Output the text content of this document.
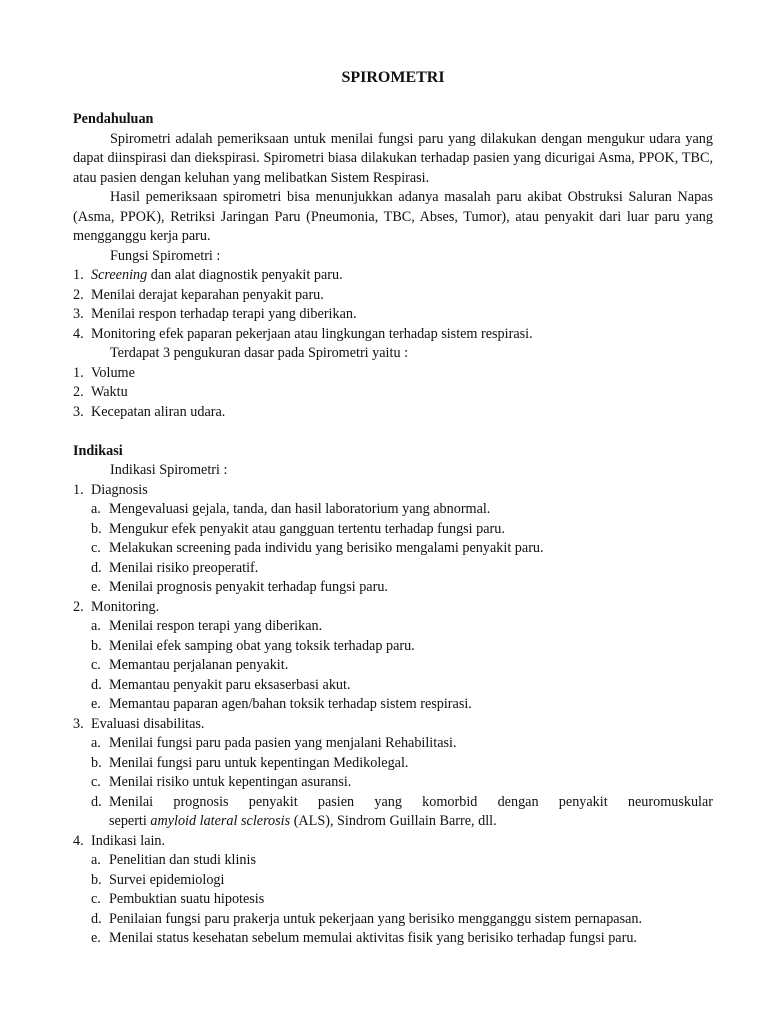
SPIROMETRI
Pendahuluan

Spirometri adalah pemeriksaan untuk menilai fungsi paru yang dilakukan dengan mengukur udara yang dapat diinspirasi dan diekspirasi. Spirometri biasa dilakukan terhadap pasien yang dicurigai Asma, PPOK, TBC, atau pasien dengan keluhan yang melibatkan Sistem Respirasi.

Hasil pemeriksaan spirometri bisa menunjukkan adanya masalah paru akibat Obstruksi Saluran Napas (Asma, PPOK), Retriksi Jaringan Paru (Pneumonia, TBC, Abses, Tumor), atau penyakit dari luar paru yang mengganggu kerja paru.

Fungsi Spirometri :

1. Screening dan alat diagnostik penyakit paru.
2. Menilai derajat keparahan penyakit paru.
3. Menilai respon terhadap terapi yang diberikan.
4. Monitoring efek paparan pekerjaan atau lingkungan terhadap sistem respirasi.

Terdapat 3 pengukuran dasar pada Spirometri yaitu :

1. Volume
2. Waktu
3. Kecepatan aliran udara.
Indikasi

Indikasi Spirometri :

1. Diagnosis
a. Mengevaluasi gejala, tanda, dan hasil laboratorium yang abnormal.
b. Mengukur efek penyakit atau gangguan tertentu terhadap fungsi paru.
c. Melakukan screening pada individu yang berisiko mengalami penyakit paru.
d. Menilai risiko preoperatif.
e. Menilai prognosis penyakit terhadap fungsi paru.
2. Monitoring.
a. Menilai respon terapi yang diberikan.
b. Menilai efek samping obat yang toksik terhadap paru.
c. Memantau perjalanan penyakit.
d. Memantau penyakit paru eksaserbasi akut.
e. Memantau paparan agen/bahan toksik terhadap sistem respirasi.
3. Evaluasi disabilitas.
a. Menilai fungsi paru pada pasien yang menjalani Rehabilitasi.
b. Menilai fungsi paru untuk kepentingan Medikolegal.
c. Menilai risiko untuk kepentingan asuransi.
d. Menilai prognosis penyakit pasien yang komorbid dengan penyakit neuromuskular
seperti amyloid lateral sclerosis (ALS), Sindrom Guillain Barre, dll.
4. Indikasi lain.
a. Penelitian dan studi klinis
b. Survei epidemiologi
c. Pembuktian suatu hipotesis
d. Penilaian fungsi paru prakerja untuk pekerjaan yang berisiko mengganggu sistem pernapasan.
e. Menilai status kesehatan sebelum memulai aktivitas fisik yang berisiko terhadap fungsi paru.
